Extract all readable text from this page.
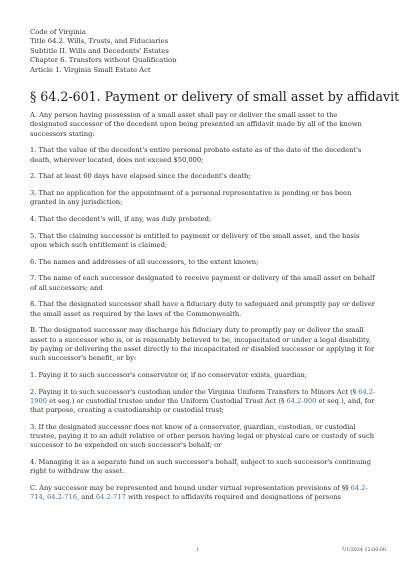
Code of Virginia
Title 64.2. Wills, Trusts, and Fiduciaries
Subtitle II. Wills and Decedents' Estates
Chapter 6. Transfers without Qualification
Article 1. Virginia Small Estate Act
§ 64.2-601. Payment or delivery of small asset by affidavit

A. Any person having possession of a small asset shall pay or deliver the small asset to the designated successor of the decedent upon being presented an affidavit made by all of the known successors stating:

1. That the value of the decedent's entire personal probate estate as of the date of the decedent's death, wherever located, does not exceed $50,000;

2. That at least 60 days have elapsed since the decedent's death;

3. That no application for the appointment of a personal representative is pending or has been granted in any jurisdiction;

4. That the decedent's will, if any, was duly probated;

5. That the claiming successor is entitled to payment or delivery of the small asset, and the basis upon which such entitlement is claimed;

6. The names and addresses of all successors, to the extent known;

7. The name of each successor designated to receive payment or delivery of the small asset on behalf of all successors; and

8. That the designated successor shall have a fiduciary duty to safeguard and promptly pay or deliver the small asset as required by the laws of the Commonwealth.

B. The designated successor may discharge his fiduciary duty to promptly pay or deliver the small asset to a successor who is, or is reasonably believed to be, incapacitated or under a legal disability, by paying or delivering the asset directly to the incapacitated or disabled successor or applying it for such successor's benefit, or by:

1. Paying it to such successor's conservator or, if no conservator exists, guardian;

2. Paying it to such successor's custodian under the Virginia Uniform Transfers to Minors Act (§ 64.2-1900 et seq.) or custodial trustee under the Uniform Custodial Trust Act (§ 64.2-900 et seq.), and, for that purpose, creating a custodianship or custodial trust;

3. If the designated successor does not know of a conservator, guardian, custodian, or custodial trustee, paying it to an adult relative or other person having legal or physical care or custody of such successor to be expended on such successor's behalf; or

4. Managing it as a separate fund on such successor's behalf, subject to such successor's continuing right to withdraw the asset.

C. Any successor may be represented and bound under virtual representation provisions of §§ 64.2-714, 64.2-716, and 64.2-717 with respect to affidavits required and designations of persons

1	7/1/2024 12:00:00
